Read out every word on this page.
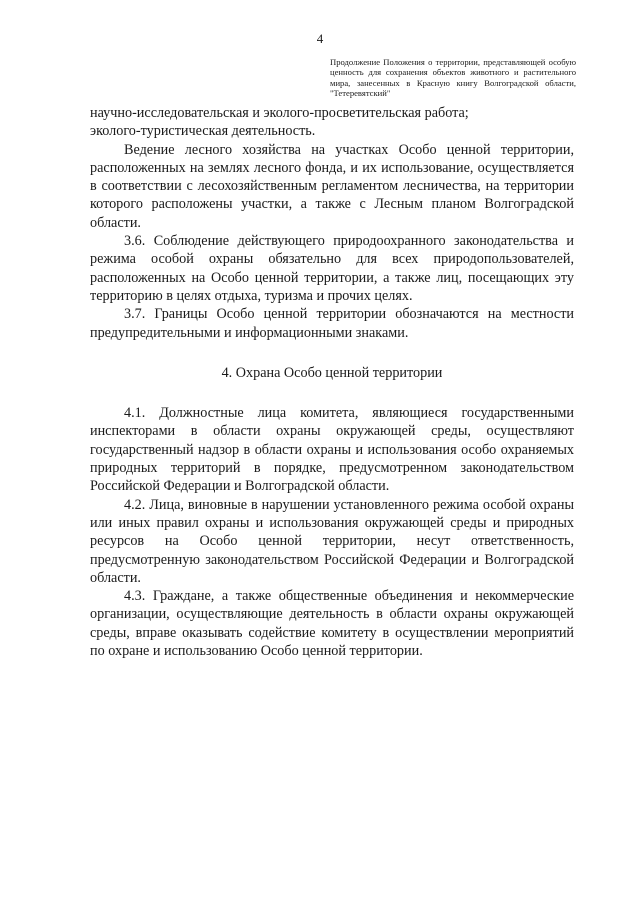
4
Продолжение Положения о территории, представляющей особую ценность для сохранения объектов животного и растительного мира, занесенных в Красную книгу Волгоградской области, "Тетеревятский"

научно-исследовательская и эколого-просветительская работа;

эколого-туристическая деятельность.

Ведение лесного хозяйства на участках Особо ценной территории, расположенных на землях лесного фонда, и их использование, осуществляется в соответствии с лесохозяйственным регламентом лесничества, на территории которого расположены участки, а также с Лесным планом Волгоградской области.

3.6. Соблюдение действующего природоохранного законодательства и режима особой охраны обязательно для всех природопользователей, расположенных на Особо ценной территории, а также лиц, посещающих эту территорию в целях отдыха, туризма и прочих целях.

3.7. Границы Особо ценной территории обозначаются на местности предупредительными и информационными знаками.

4. Охрана Особо ценной территории

4.1. Должностные лица комитета, являющиеся государственными инспекторами в области охраны окружающей среды, осуществляют государственный надзор в области охраны и использования особо охраняемых природных территорий в порядке, предусмотренном законодательством Российской Федерации и Волгоградской области.

4.2. Лица, виновные в нарушении установленного режима особой охраны или иных правил охраны и использования окружающей среды и природных ресурсов на Особо ценной территории, несут ответственность, предусмотренную законодательством Российской Федерации и Волгоградской области.

4.3. Граждане, а также общественные объединения и некоммерческие организации, осуществляющие деятельность в области охраны окружающей среды, вправе оказывать содействие комитету в осуществлении мероприятий по охране и использованию Особо ценной территории.
